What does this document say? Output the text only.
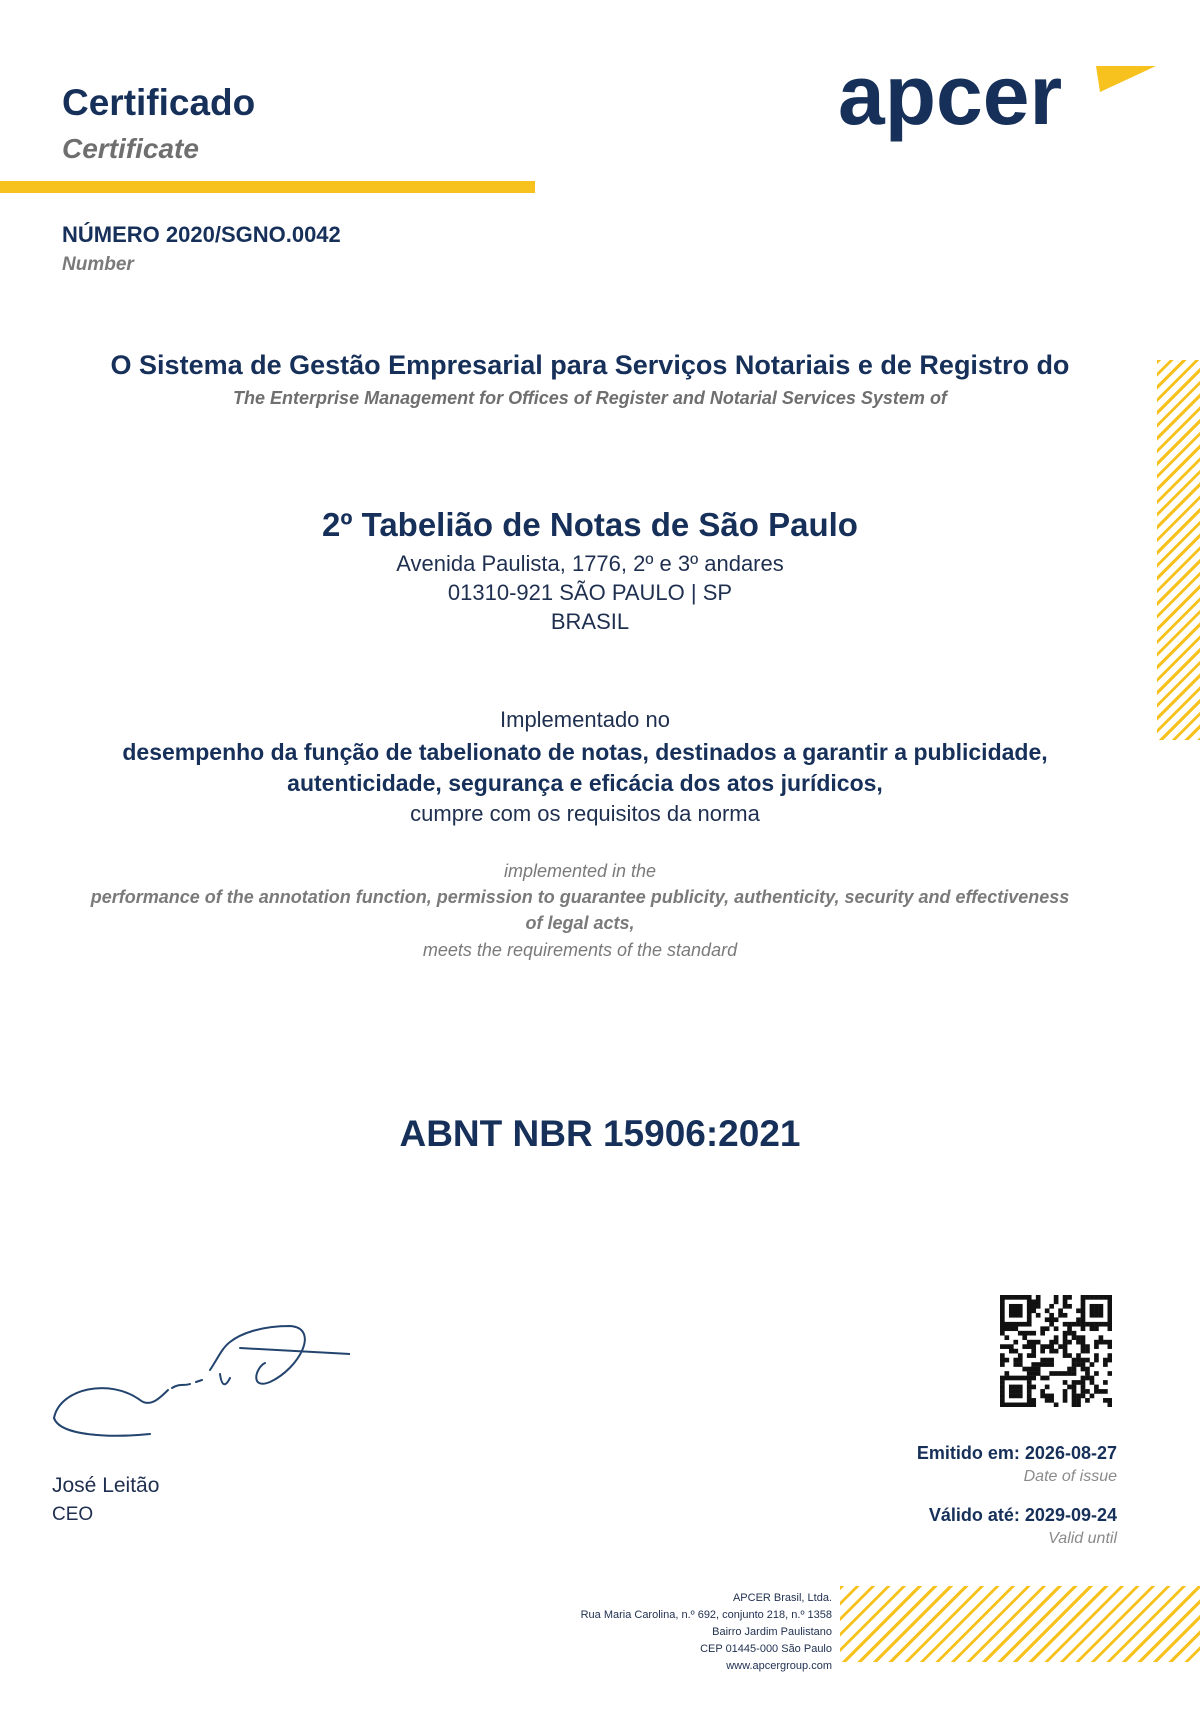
Certificado
Certificate
apcer
NÚMERO 2020/SGNO.0042
Number
O Sistema de Gestão Empresarial para Serviços Notariais e de Registro do
The Enterprise Management for Offices of Register and Notarial Services System of
2º Tabelião de Notas de São Paulo
Avenida Paulista, 1776, 2º e 3º andares
01310-921 SÃO PAULO | SP
BRASIL
Implementado no
desempenho da função de tabelionato de notas, destinados a garantir a publicidade,
autenticidade, segurança e eficácia dos atos jurídicos,
cumpre com os requisitos da norma
implemented in the
performance of the annotation function, permission to guarantee publicity, authenticity, security and effectiveness
of legal acts,
meets the requirements of the standard
ABNT NBR 15906:2021
José Leitão
CEO
Emitido em: 2026-08-27
Date of issue
Válido até: 2029-09-24
Valid until
APCER Brasil, Ltda.
Rua Maria Carolina, n.º 692, conjunto 218, n.º 1358
Bairro Jardim Paulistano
CEP 01445-000 São Paulo
www.apcergroup.com
